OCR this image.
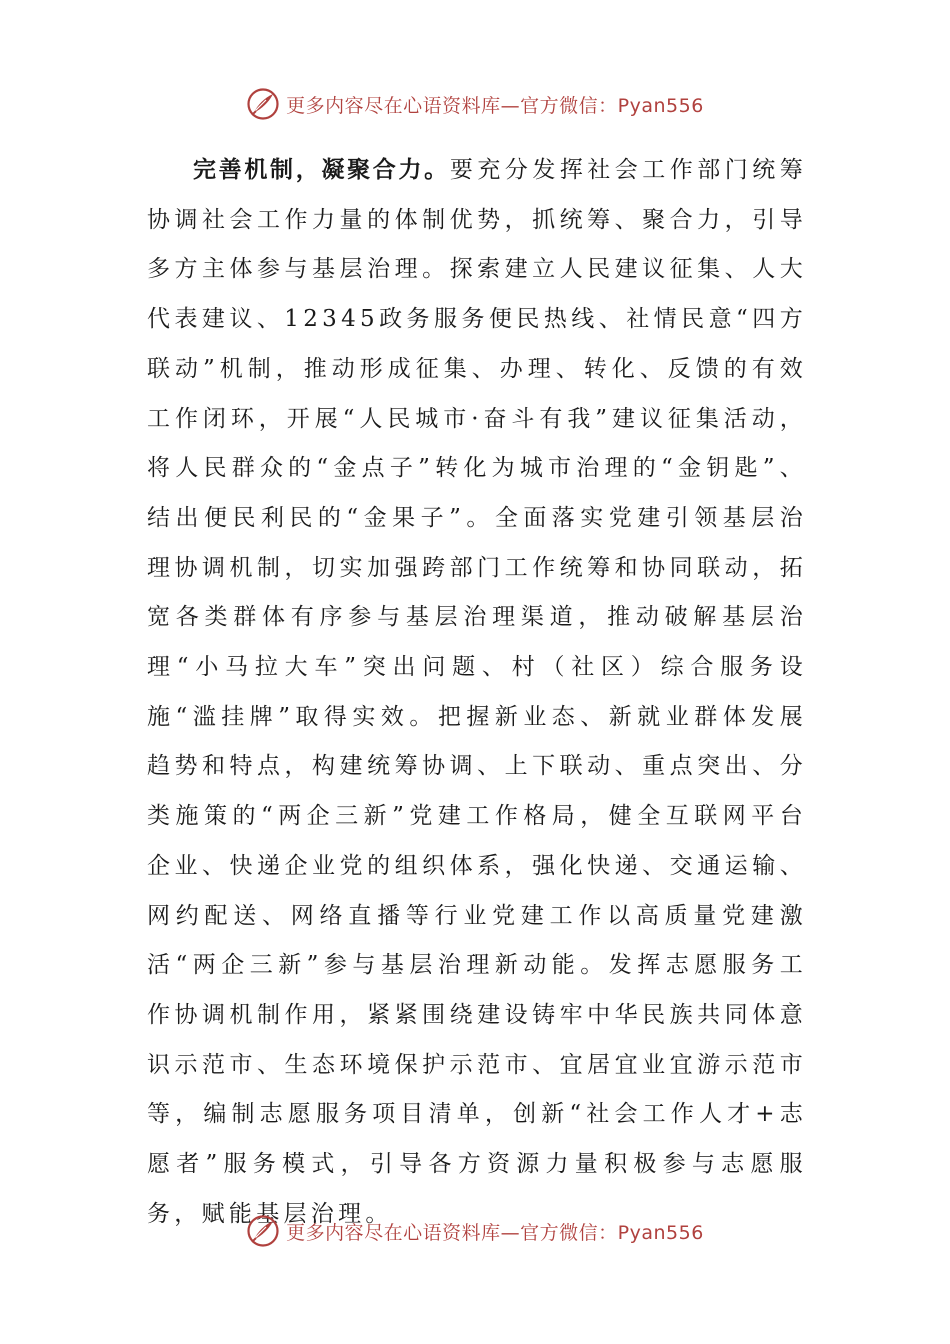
更多内容尽在心语资料库—官方微信：Pyan556

完善机制，凝聚合力。要充分发挥社会工作部门统筹协调社会工作力量的体制优势，抓统筹、聚合力，引导多方主体参与基层治理。探索建立人民建议征集、人大代表建议、12345政务服务便民热线、社情民意“四方联动”机制，推动形成征集、办理、转化、反馈的有效工作闭环，开展“人民城市·奋斗有我”建议征集活动，将人民群众的“金点子”转化为城市治理的“金钥匙”、结出便民利民的“金果子”。全面落实党建引领基层治理协调机制，切实加强跨部门工作统筹和协同联动，拓宽各类群体有序参与基层治理渠道，推动破解基层治理“小马拉大车”突出问题、村（社区）综合服务设施“滥挂牌”取得实效。把握新业态、新就业群体发展趋势和特点，构建统筹协调、上下联动、重点突出、分类施策的“两企三新”党建工作格局，健全互联网平台企业、快递企业党的组织体系，强化快递、交通运输、网约配送、网络直播等行业党建工作以高质量党建激活“两企三新”参与基层治理新动能。发挥志愿服务工作协调机制作用，紧紧围绕建设铸牢中华民族共同体意识示范市、生态环境保护示范市、宜居宜业宜游示范市等，编制志愿服务项目清单，创新“社会工作人才+志愿者”服务模式，引导各方资源力量积极参与志愿服务，赋能基层治理。

更多内容尽在心语资料库—官方微信：Pyan556
